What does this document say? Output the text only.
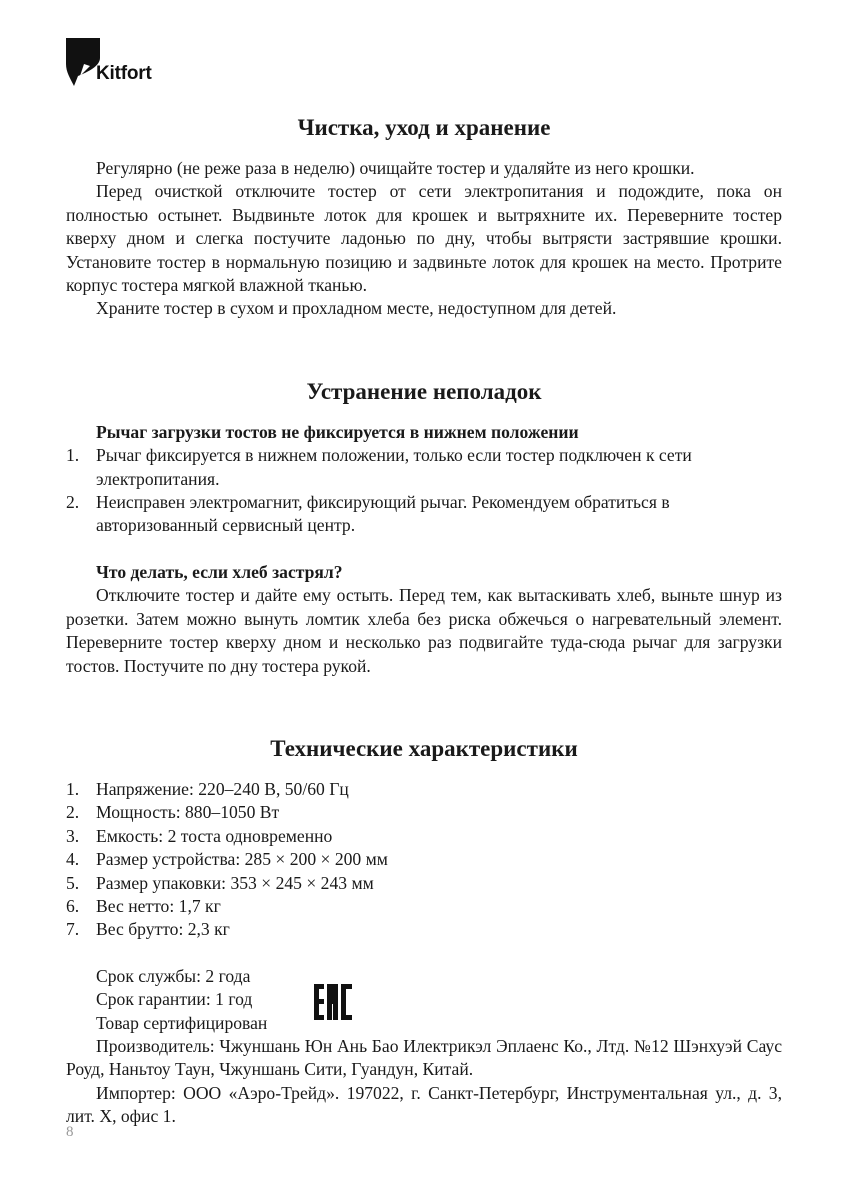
Kitfort
Чистка, уход и хранение

Регулярно (не реже раза в неделю) очищайте тостер и удаляйте из него крошки.

Перед очисткой отключите тостер от сети электропитания и подождите, пока он полностью остынет. Выдвиньте лоток для крошек и вытряхните их. Переверните тостер кверху дном и слегка постучите ладонью по дну, чтобы вытрясти застрявшие крошки. Установите тостер в нормальную позицию и задвиньте лоток для крошек на место. Протрите корпус тостера мягкой влажной тканью.

Храните тостер в сухом и прохладном месте, недоступном для детей.

Устранение неполадок

Рычаг загрузки тостов не фиксируется в нижнем положении

1. Рычаг фиксируется в нижнем положении, только если тостер подключен к сети электропитания.
2. Неисправен электромагнит, фиксирующий рычаг. Рекомендуем обратиться в авторизованный сервисный центр.

Что делать, если хлеб застрял?

Отключите тостер и дайте ему остыть. Перед тем, как вытаскивать хлеб, выньте шнур из розетки. Затем можно вынуть ломтик хлеба без риска обжечься о нагревательный элемент. Переверните тостер кверху дном и несколько раз подвигайте туда-сюда рычаг для загрузки тостов. Постучите по дну тостера рукой.

Технические характеристики
1. Напряжение: 220–240 В, 50/60 Гц
2. Мощность: 880–1050 Вт
3. Емкость: 2 тоста одновременно
4. Размер устройства: 285 × 200 × 200 мм
5. Размер упаковки: 353 × 245 × 243 мм
6. Вес нетто: 1,7 кг
7. Вес брутто: 2,3 кг

Срок службы: 2 года

Срок гарантии: 1 год

Товар сертифицирован

Производитель: Чжуншань Юн Ань Бао Илектрикэл Эплаенс Ко., Лтд. №12 Шэнхуэй Саус Роуд, Наньтоу Таун, Чжуншань Сити, Гуандун, Китай.

Импортер: ООО «Аэро-Трейд». 197022, г. Санкт-Петербург, Инструментальная ул., д. 3, лит. Х, офис 1.

8
